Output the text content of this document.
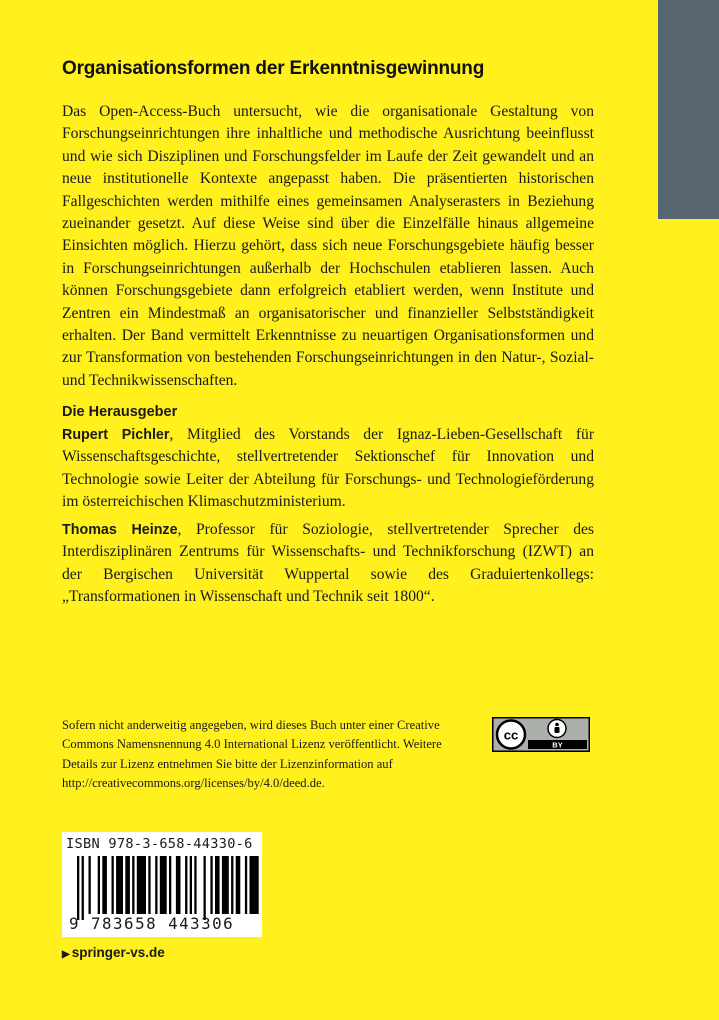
Organisationsformen der Erkenntnisgewinnung

Das Open-Access-Buch untersucht, wie die organisationale Gestaltung von Forschungseinrichtungen ihre inhaltliche und methodische Ausrichtung beeinflusst und wie sich Disziplinen und Forschungsfelder im Laufe der Zeit gewandelt und an neue institutionelle Kontexte angepasst haben. Die präsentierten historischen Fallgeschichten werden mithilfe eines gemeinsamen Analyserasters in Beziehung zueinander gesetzt. Auf diese Weise sind über die Einzelfälle hinaus allgemeine Einsichten möglich. Hierzu gehört, dass sich neue Forschungsgebiete häufig besser in Forschungseinrichtungen außerhalb der Hochschulen etablieren lassen. Auch können Forschungsgebiete dann erfolgreich etabliert werden, wenn Institute und Zentren ein Mindestmaß an organisatorischer und finanzieller Selbstständigkeit erhalten. Der Band vermittelt Erkenntnisse zu neuartigen Organisationsformen und zur Transformation von bestehenden Forschungseinrichtungen in den Natur-, Sozial- und Technikwissenschaften.

Die Herausgeber

Rupert Pichler, Mitglied des Vorstands der Ignaz-Lieben-Gesellschaft für Wissenschaftsgeschichte, stellvertretender Sektionschef für Innovation und Technologie sowie Leiter der Abteilung für Forschungs- und Technologieförderung im österreichischen Klimaschutzministerium.

Thomas Heinze, Professor für Soziologie, stellvertretender Sprecher des Interdisziplinären Zentrums für Wissenschafts- und Technikforschung (IZWT) an der Bergischen Universität Wuppertal sowie des Graduiertenkollegs: „Transformationen in Wissenschaft und Technik seit 1800“.

Sofern nicht anderweitig angegeben, wird dieses Buch unter einer Creative Commons Namensnennung 4.0 International Lizenz veröffentlicht. Weitere Details zur Lizenz entnehmen Sie bitte der Lizenzinformation auf http://creativecommons.org/licenses/by/4.0/deed.de.

cc
BY
ISBN 978-3-658-44330-6
9 783658 443306
▶ springer-vs.de
